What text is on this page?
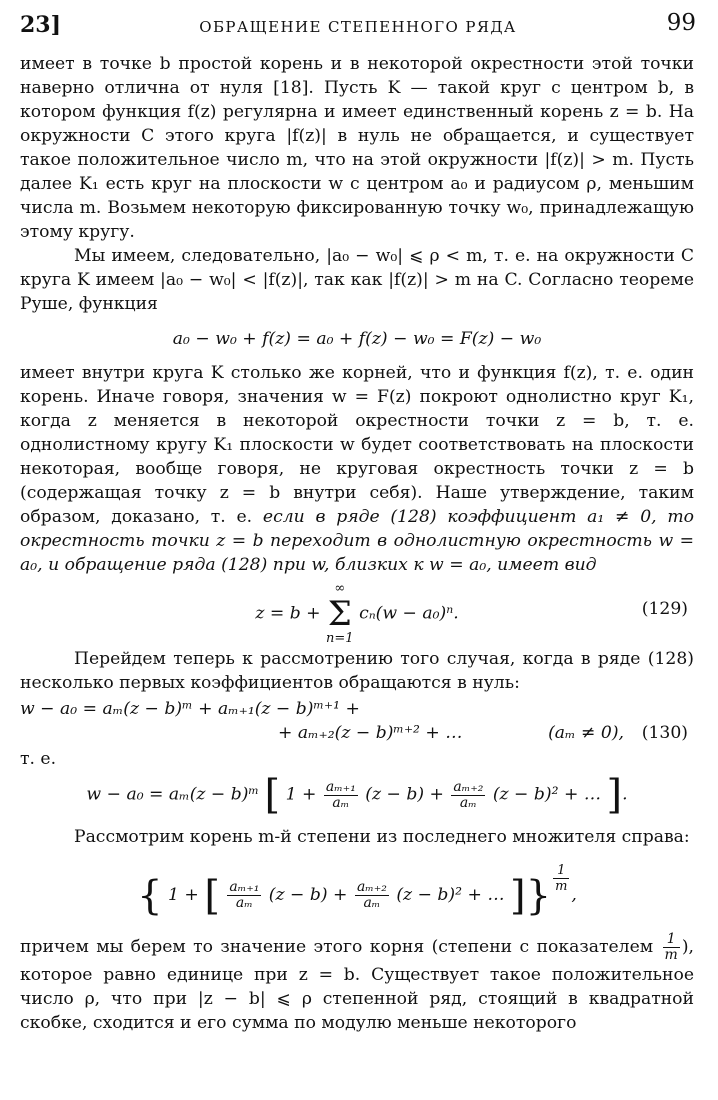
23]	ОБРАЩЕНИЕ СТЕПЕННОГО РЯДА	99

имеет в точке b простой корень и в некоторой окрестности этой точки наверно отлична от нуля [18]. Пусть K — такой круг с центром b, в котором функция f(z) регулярна и имеет единственный корень z = b. На окружности C этого круга |f(z)| в нуль не обращается, и существует такое положительное число m, что на этой окружности |f(z)| > m. Пусть далее K₁ есть круг на плоскости w с центром a₀ и радиусом ρ, меньшим числа m. Возьмем некоторую фиксированную точку w₀, принадлежащую этому кругу.

Мы имеем, следовательно, |a₀ − w₀| ⩽ ρ < m, т. е. на окружности C круга K имеем |a₀ − w₀| < |f(z)|, так как |f(z)| > m на C. Согласно теореме Руше, функция

a₀ − w₀ + f(z) = a₀ + f(z) − w₀ = F(z) − w₀

имеет внутри круга K столько же корней, что и функция f(z), т. е. один корень. Иначе говоря, значения w = F(z) покроют однолистно круг K₁, когда z меняется в некоторой окрестности точки z = b, т. е. однолистному кругу K₁ плоскости w будет соответствовать на плоскости некоторая, вообще говоря, не круговая окрестность точки z = b (содержащая точку z = b внутри себя). Наше утверждение, таким образом, доказано, т. е. если в ряде (128) коэффициент a₁ ≠ 0, то окрестность точки z = b переходит в однолистную окрестность w = a₀, и обращение ряда (128) при w, близких к w = a₀, имеет вид

z = b +
∞
Σ
n=1
cₙ(w − a₀)ⁿ.	(129)

Перейдем теперь к рассмотрению того случая, когда в ряде (128) несколько первых коэффициентов обращаются в нуль:

w − a₀ = aₘ(z − b)ᵐ + aₘ₊₁(z − b)ᵐ⁺¹ +
+ aₘ₊₂(z − b)ᵐ⁺² + …	(aₘ ≠ 0), (130)

т. е.

w − a₀ = aₘ(z − b)ᵐ [ $1 + \frac{\text{aₘ₊₁}}{\text{aₘ}} (z - b) + \frac{\text{aₘ₊₂}}{\text{aₘ}} (z - b)^2$ + … ].

Рассмотрим корень m-й степени из последнего множителя справа:

{ 1 + [ $\frac{\text{aₘ₊₁}}{\text{aₘ}} (z - b) + \frac{\text{aₘ₊₂}}{\text{aₘ}} (z - b)^2$ + … ]} $\frac{1}{m}$
,

причем мы берем то значение этого корня (степени с показателем $\frac{1}{m}$ ), которое равно единице при z = b. Существует такое положительное число ρ, что при |z − b| ⩽ ρ степенной ряд, стоящий в квадратной скобке, сходится и его сумма по модулю меньше некоторого
